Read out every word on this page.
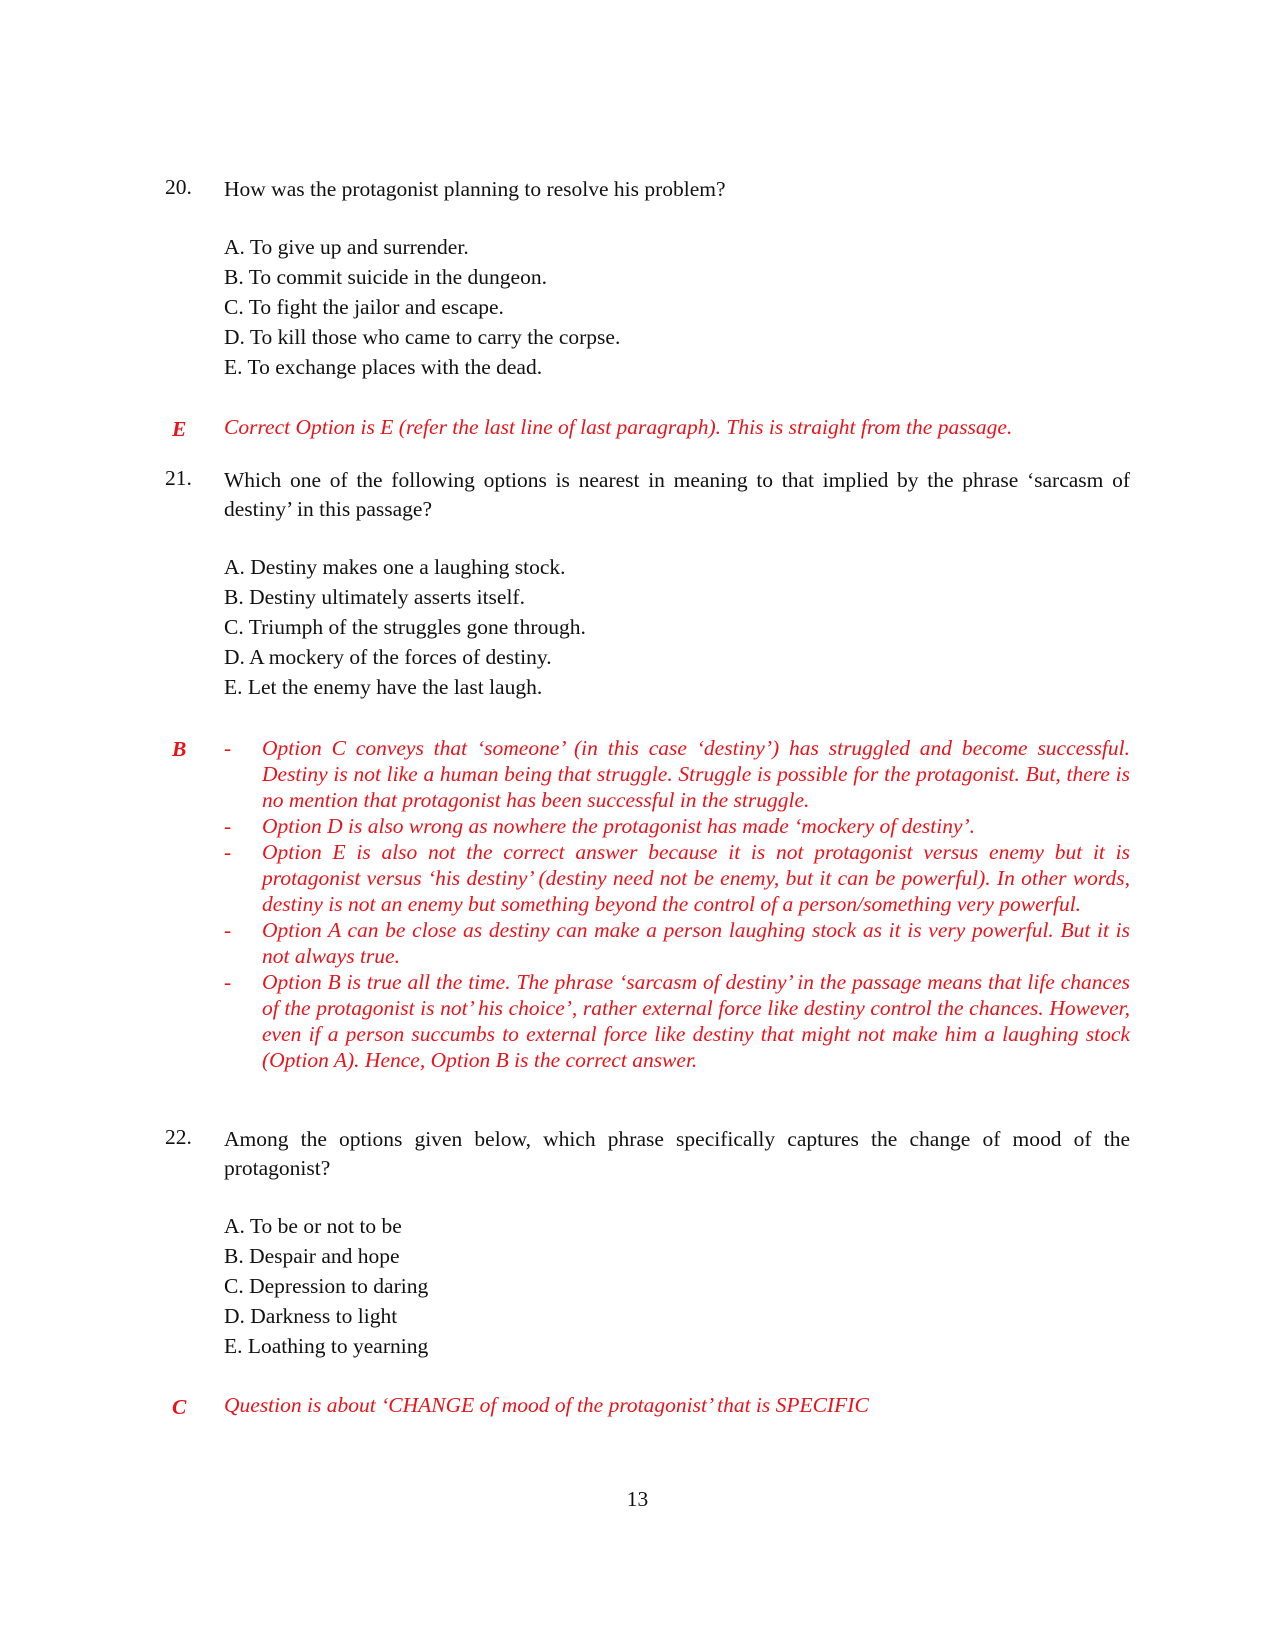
20.	How was the protagonist planning to resolve his problem?
A. To give up and surrender.
B. To commit suicide in the dungeon.
C. To fight the jailor and escape.
D. To kill those who came to carry the corpse.
E. To exchange places with the dead.
E Correct Option is E (refer the last line of last paragraph). This is straight from the passage.
21.	Which one of the following options is nearest in meaning to that implied by the phrase ‘sarcasm of destiny’ in this passage?
A. Destiny makes one a laughing stock.
B. Destiny ultimately asserts itself.
C. Triumph of the struggles gone through.
D. A mockery of the forces of destiny.
E. Let the enemy have the last laugh.
B -	Option C conveys that ‘someone’ (in this case ‘destiny’) has struggled and become successful. Destiny is not like a human being that struggle. Struggle is possible for the protagonist. But, there is no mention that protagonist has been successful in the struggle.
-	Option D is also wrong as nowhere the protagonist has made ‘mockery of destiny’.
-	Option E is also not the correct answer because it is not protagonist versus enemy but it is protagonist versus ‘his destiny’ (destiny need not be enemy, but it can be powerful). In other words, destiny is not an enemy but something beyond the control of a person/something very powerful.
-	Option A can be close as destiny can make a person laughing stock as it is very powerful. But it is not always true.
-	Option B is true all the time. The phrase ‘sarcasm of destiny’ in the passage means that life chances of the protagonist is not’ his choice’, rather external force like destiny control the chances. However, even if a person succumbs to external force like destiny that might not make him a laughing stock (Option A). Hence, Option B is the correct answer.
22.	Among the options given below, which phrase specifically captures the change of mood of the protagonist?
A. To be or not to be
B. Despair and hope
C. Depression to daring
D. Darkness to light
E. Loathing to yearning
C Question is about ‘CHANGE of mood of the protagonist’ that is SPECIFIC
13
